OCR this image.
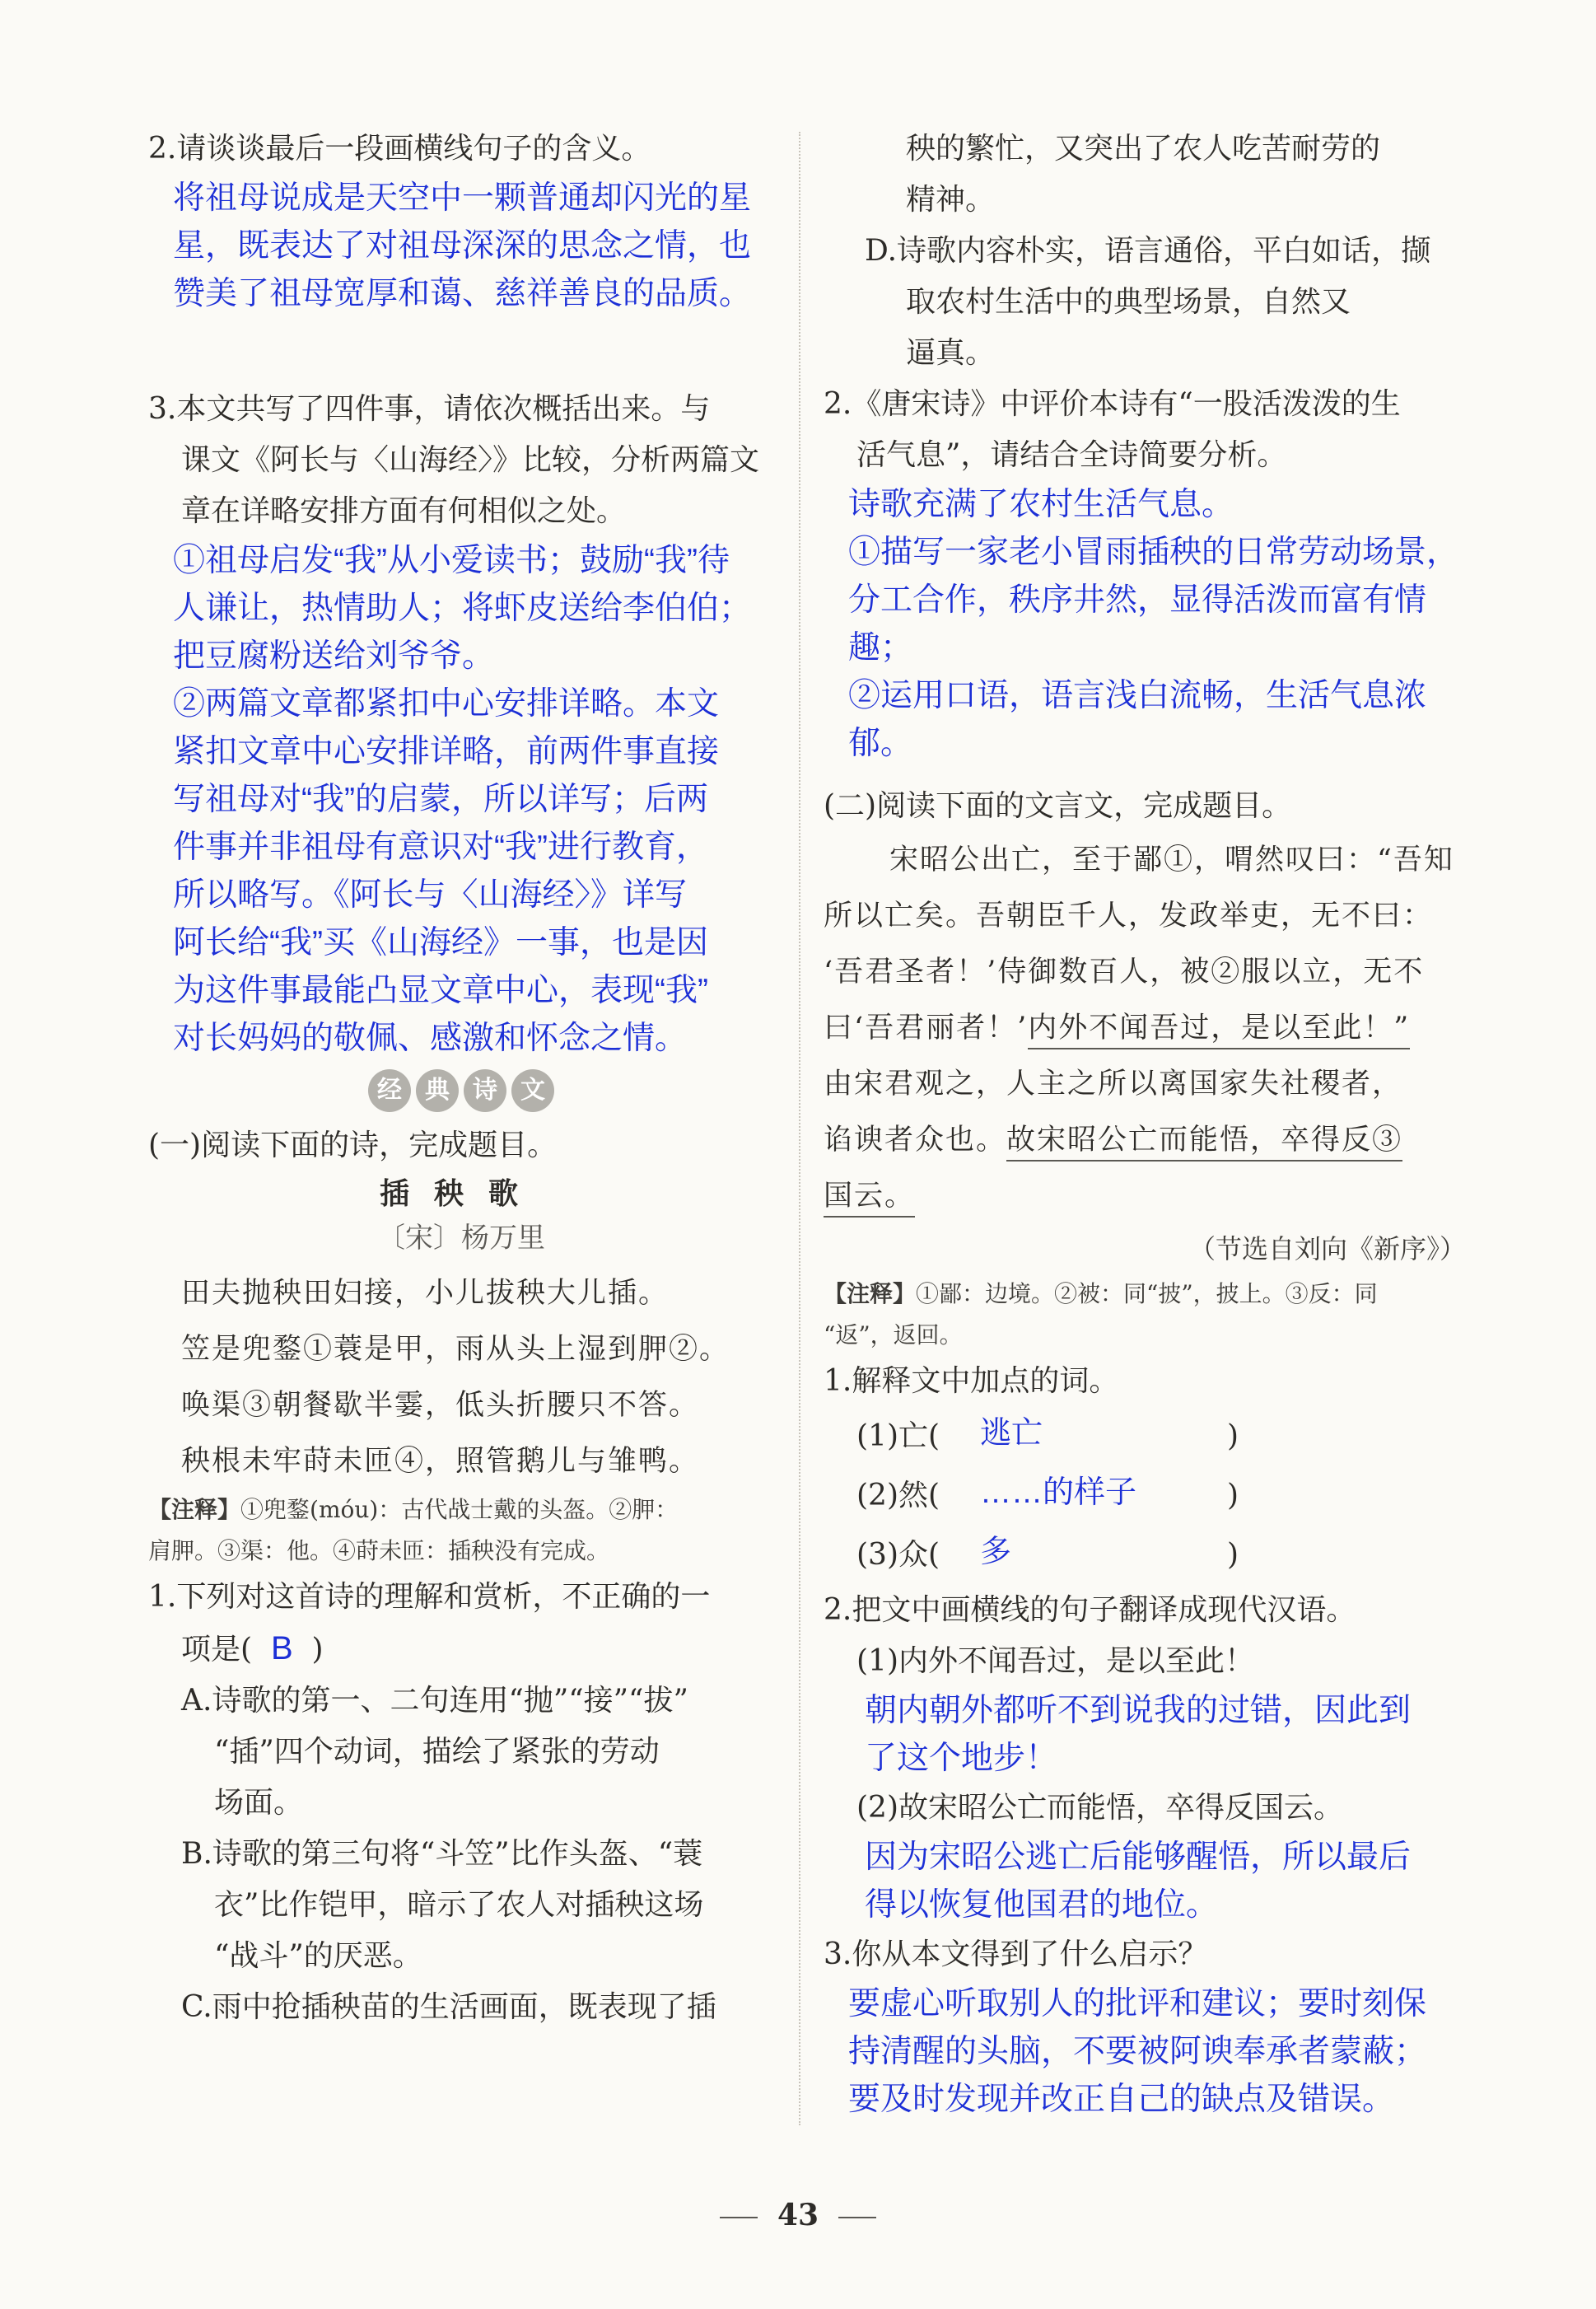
2.请谈谈最后一段画横线句子的含义。

将祖母说成是天空中一颗普通却闪光的星

星，既表达了对祖母深深的思念之情，也

赞美了祖母宽厚和蔼、慈祥善良的品质。

3.本文共写了四件事，请依次概括出来。与

课文《阿长与〈山海经〉》比较，分析两篇文

章在详略安排方面有何相似之处。

①祖母启发“我”从小爱读书；鼓励“我”待

人谦让，热情助人；将虾皮送给李伯伯；

把豆腐粉送给刘爷爷。

②两篇文章都紧扣中心安排详略。本文

紧扣文章中心安排详略，前两件事直接

写祖母对“我”的启蒙，所以详写；后两

件事并非祖母有意识对“我”进行教育，

所以略写。《阿长与〈山海经〉》详写

阿长给“我”买《山海经》一事，也是因

为这件事最能凸显文章中心，表现“我”

对长妈妈的敬佩、感激和怀念之情。

经 典 诗 文

(一)阅读下面的诗，完成题目。

插秧歌
〔宋〕杨万里
田夫抛秧田妇接，小儿拔秧大儿插。
笠是兜鍪①蓑是甲，雨从头上湿到胛②。
唤渠③朝餐歇半霎，低头折腰只不答。
秧根未牢莳未匝④，照管鹅儿与雏鸭。
【注释】①兜鍪(móu)：古代战士戴的头盔。②胛：
肩胛。③渠：他。④莳未匝：插秧没有完成。

1.下列对这首诗的理解和赏析，不正确的一

项是( B )

A.诗歌的第一、二句连用“抛”“接”“拔”

“插”四个动词，描绘了紧张的劳动

场面。

B.诗歌的第三句将“斗笠”比作头盔、“蓑

衣”比作铠甲，暗示了农人对插秧这场

“战斗”的厌恶。

C.雨中抢插秧苗的生活画面，既表现了插

秧的繁忙，又突出了农人吃苦耐劳的

精神。

D.诗歌内容朴实，语言通俗，平白如话，撷

取农村生活中的典型场景，自然又

逼真。

2.《唐宋诗》中评价本诗有“一股活泼泼的生

活气息”，请结合全诗简要分析。

诗歌充满了农村生活气息。

①描写一家老小冒雨插秧的日常劳动场景，

分工合作，秩序井然，显得活泼而富有情趣；

②运用口语，语言浅白流畅，生活气息浓郁。

(二)阅读下面的文言文，完成题目。

宋昭公出亡，至于鄙①，喟然叹曰：“吾知
所以亡矣。吾朝臣千人，发政举吏，无不曰：
‘吾君圣者！’侍御数百人，被②服以立，无不
曰‘吾君丽者！’内外不闻吾过，是以至此！”
由宋君观之，人主之所以离国家失社稷者，
谄谀者众也。故宋昭公亡而能悟，卒得反③
国云。
（节选自刘向《新序》）
【注释】①鄙：边境。②被：同“披”，披上。③反：同
“返”，返回。

1.解释文中加点的词。

(1)亡(	逃亡	)
(2)然(	……的样子	)
(3)众(	多	)

2.把文中画横线的句子翻译成现代汉语。

(1)内外不闻吾过，是以至此！

朝内朝外都听不到说我的过错，因此到

了这个地步！

(2)故宋昭公亡而能悟，卒得反国云。

因为宋昭公逃亡后能够醒悟，所以最后

得以恢复他国君的地位。

3.你从本文得到了什么启示？

要虚心听取别人的批评和建议；要时刻保

持清醒的头脑，不要被阿谀奉承者蒙蔽；

要及时发现并改正自己的缺点及错误。

43
